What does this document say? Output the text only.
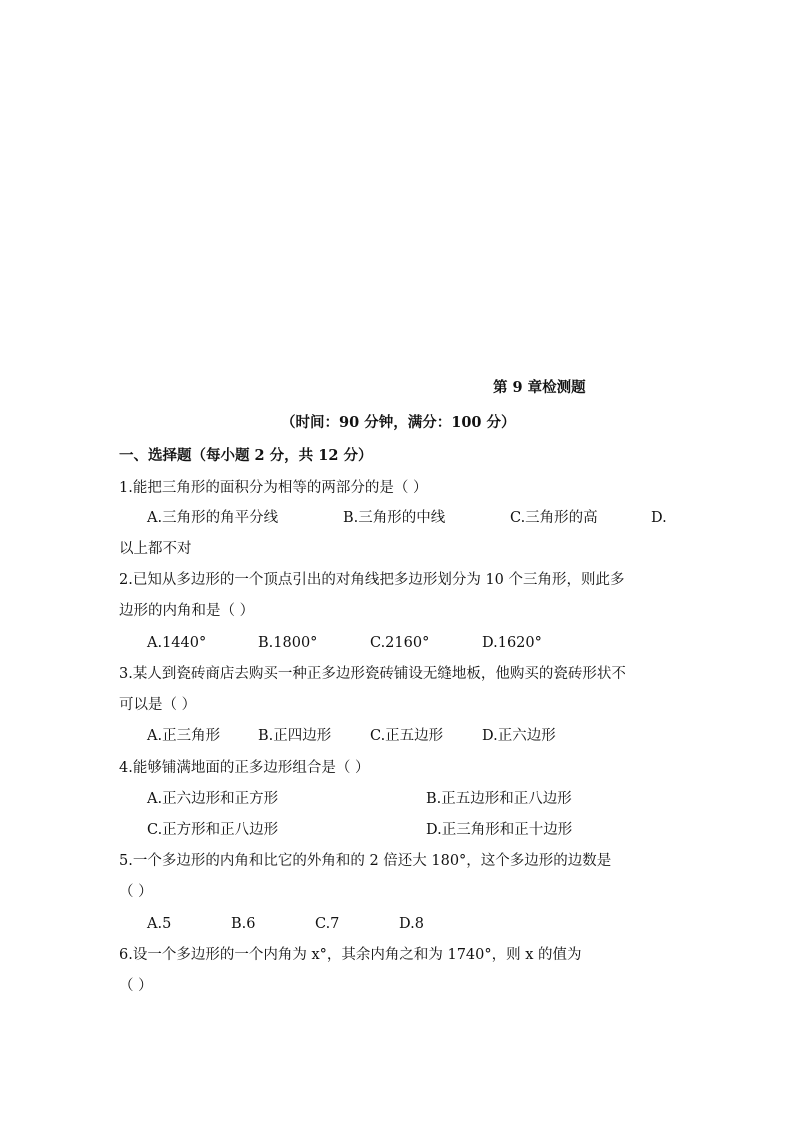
第 9 章检测题
（时间：90 分钟，满分：100 分）
一、选择题（每小题 2 分，共 12 分）
1.能把三角形的面积分为相等的两部分的是（ ）
A.三角形的角平分线	B.三角形的中线	C.三角形的高	D.
以上都不对
2.已知从多边形的一个顶点引出的对角线把多边形划分为 10 个三角形，则此多
边形的内角和是（ ）
A.1440°	B.1800°	C.2160°	D.1620°
3.某人到瓷砖商店去购买一种正多边形瓷砖铺设无缝地板，他购买的瓷砖形状不
可以是（ ）
A.正三角形	B.正四边形	C.正五边形	D.正六边形
4.能够铺满地面的正多边形组合是（ ）
A.正六边形和正方形	B.正五边形和正八边形
C.正方形和正八边形	D.正三角形和正十边形
5.一个多边形的内角和比它的外角和的 2 倍还大 180°，这个多边形的边数是
（ ）
A.5	B.6	C.7	D.8
6.设一个多边形的一个内角为 x°，其余内角之和为 1740°，则 x 的值为
（ ）
